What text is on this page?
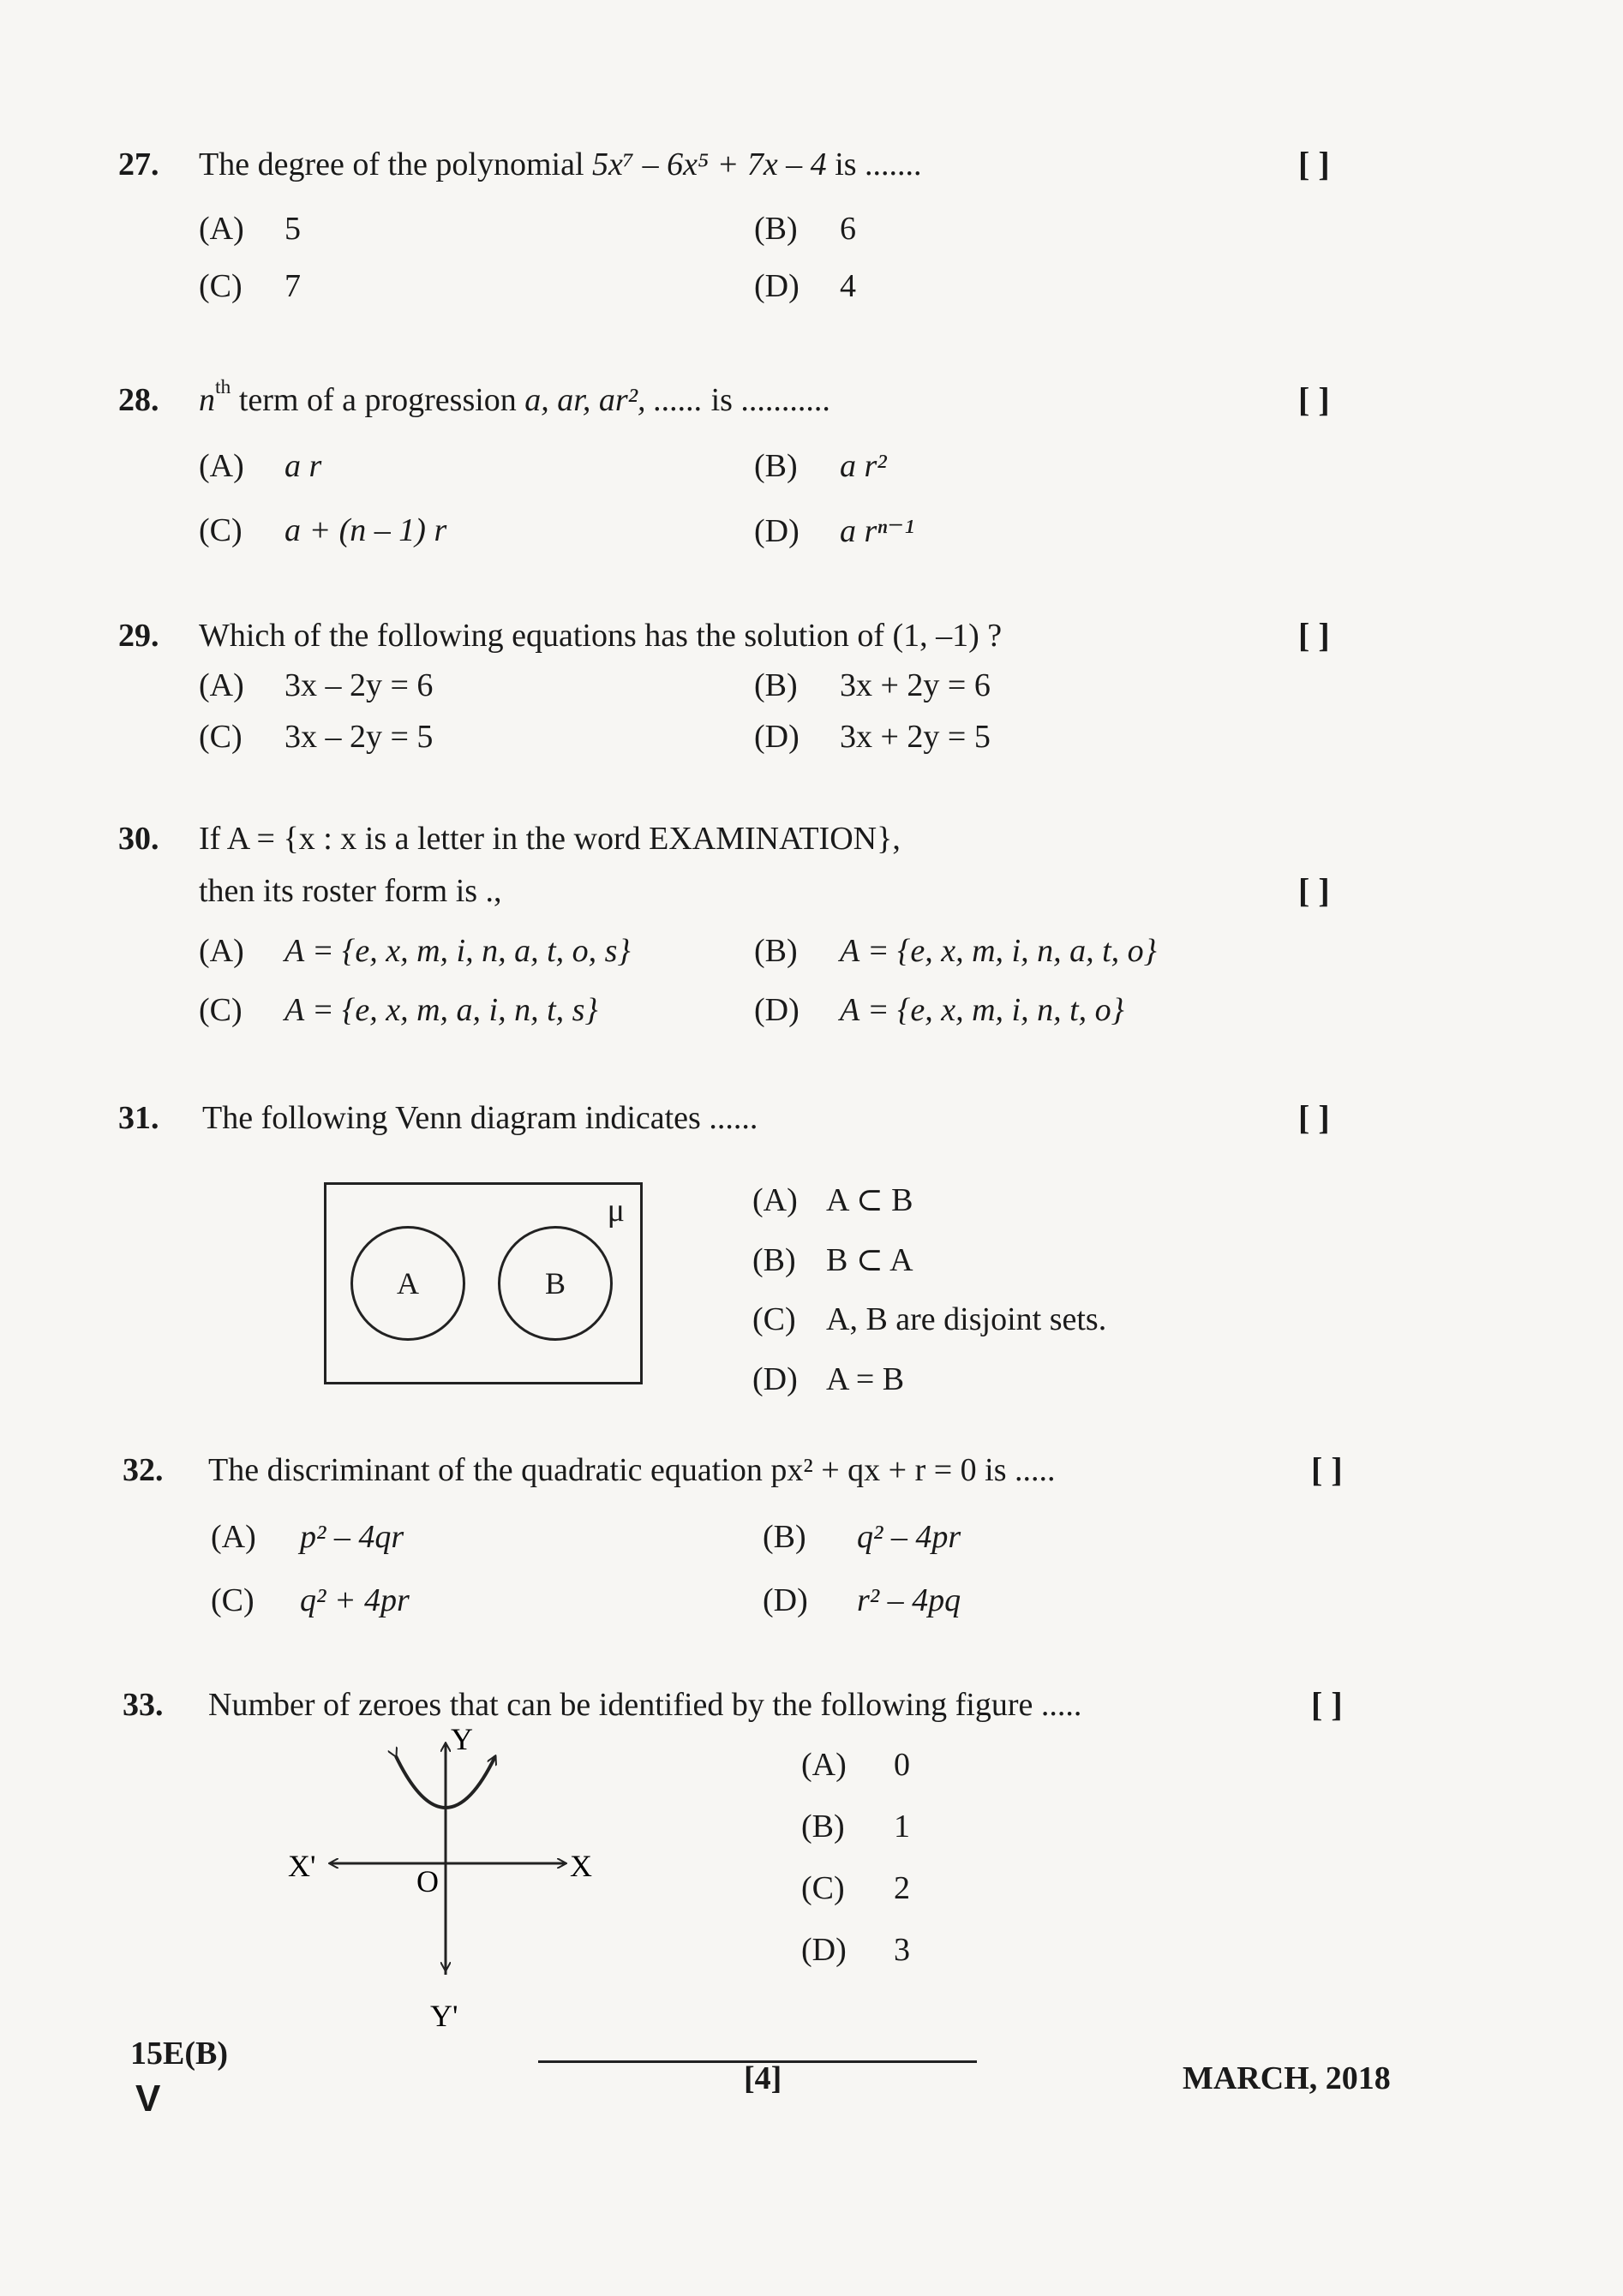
27. The degree of the polynomial 5x⁷ – 6x⁵ + 7x – 4 is .......	[ ]
(A) 5	(B) 6
(C) 7	(D) 4
28. $n^{th}$ term of a progression a, ar, ar², ...... is ...........	[ ]
(A) a r	(B) a r²
(C) a + (n – 1) r	(D) a rⁿ⁻¹
29. Which of the following equations has the solution of (1, –1) ?	[ ]
(A) 3x – 2y = 6	(B) 3x + 2y = 6
(C) 3x – 2y = 5	(D) 3x + 2y = 5
30. If A = {x : x is a letter in the word EXAMINATION},
then its roster form is .,	[ ]
(A) A = {e, x, m, i, n, a, t, o, s}	(B) A = {e, x, m, i, n, a, t, o}
(C) A = {e, x, m, a, i, n, t, s}	(D) A = {e, x, m, i, n, t, o}
31. The following Venn diagram indicates ......	[ ]
μ
A	B
(A) A ⊂ B
(B) B ⊂ A
(C) A, B are disjoint sets.
(D) A = B
32. The discriminant of the quadratic equation px² + qx + r = 0 is .....	[ ]
(A) p² – 4qr	(B) q² – 4pr
(C) q² + 4pr	(D) r² – 4pq
33. Number of zeroes that can be identified by the following figure .....	[ ]
Y
Y'
X
X'	O
(A) 0
(B) 1
(C) 2
(D) 3
15E(B)
V	[4]	MARCH, 2018
